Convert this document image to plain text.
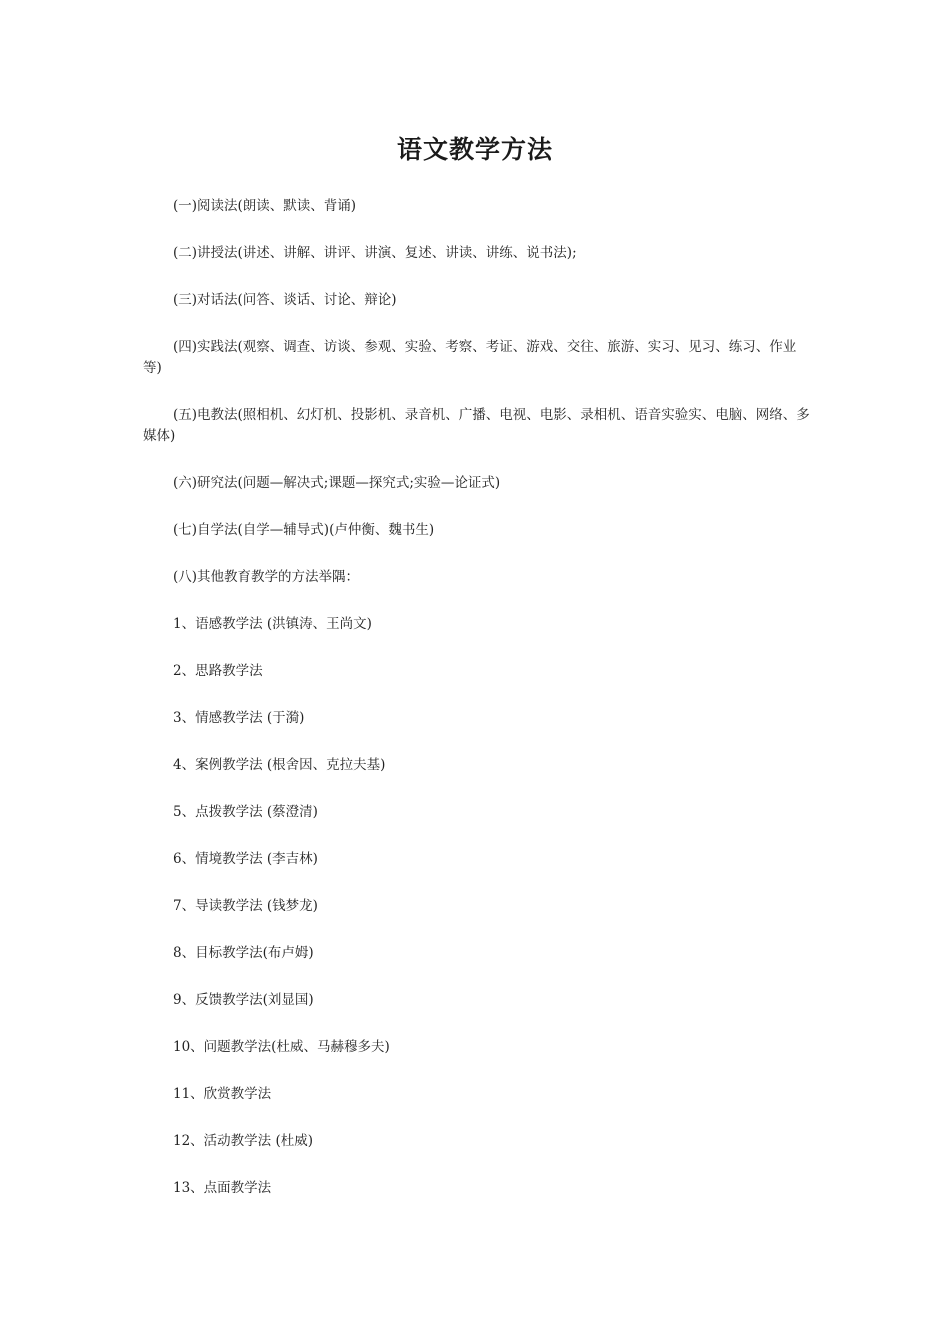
语文教学方法

(一)阅读法(朗读、默读、背诵)

(二)讲授法(讲述、讲解、讲评、讲演、复述、讲读、讲练、说书法);

(三)对话法(问答、谈话、讨论、辩论)

(四)实践法(观察、调查、访谈、参观、实验、考察、考证、游戏、交往、旅游、实习、见习、练习、作业等)

(五)电教法(照相机、幻灯机、投影机、录音机、广播、电视、电影、录相机、语音实验实、电脑、网络、多媒体)

(六)研究法(问题—解决式;课题—探究式;实验—论证式)

(七)自学法(自学—辅导式)(卢仲衡、魏书生)

(八)其他教育教学的方法举隅：

1、语感教学法 (洪镇涛、王尚文)

2、思路教学法

3、情感教学法 (于漪)

4、案例教学法 (根舍因、克拉夫基)

5、点拨教学法 (蔡澄清)

6、情境教学法 (李吉林)

7、导读教学法 (钱梦龙)

8、目标教学法(布卢姆)

9、反馈教学法(刘显国)

10、问题教学法(杜威、马赫穆多夫)

11、欣赏教学法

12、活动教学法 (杜威)

13、点面教学法
